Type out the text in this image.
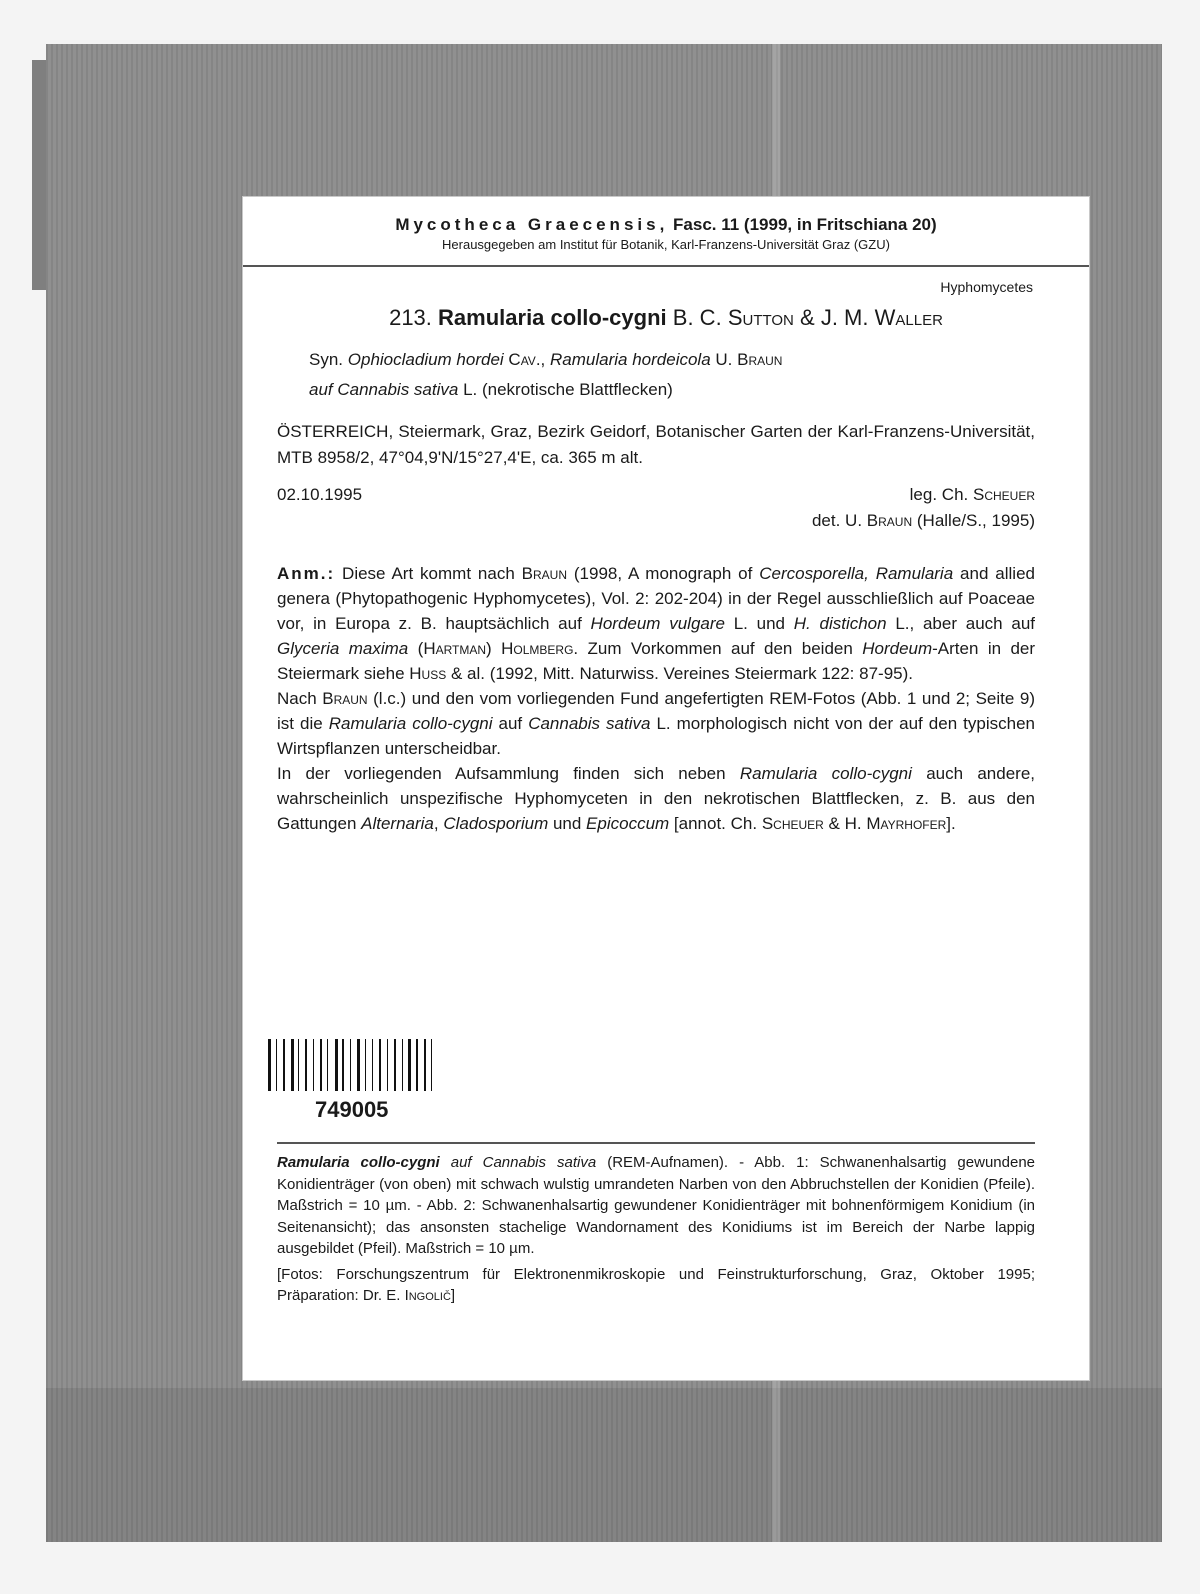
Mycotheca Graecensis, Fasc. 11 (1999, in Fritschiana 20)
Herausgegeben am Institut für Botanik, Karl-Franzens-Universität Graz (GZU)
Hyphomycetes
213. Ramularia collo-cygni B. C. Sutton & J. M. Waller
Syn. Ophiocladium hordei Cav., Ramularia hordeicola U. Braun
auf Cannabis sativa L. (nekrotische Blattflecken)
ÖSTERREICH, Steiermark, Graz, Bezirk Geidorf, Botanischer Garten der Karl-Franzens-Universität, MTB 8958/2, 47°04,9'N/15°27,4'E, ca. 365 m alt.
02.10.1995	leg. Ch. Scheuer
det. U. Braun (Halle/S., 1995)

Anm.: Diese Art kommt nach Braun (1998, A monograph of Cercosporella, Ramularia and allied genera (Phytopathogenic Hyphomycetes), Vol. 2: 202-204) in der Regel ausschließlich auf Poaceae vor, in Europa z. B. hauptsächlich auf Hordeum vulgare L. und H. distichon L., aber auch auf Glyceria maxima (Hartman) Holmberg. Zum Vorkommen auf den beiden Hordeum-Arten in der Steiermark siehe Huss & al. (1992, Mitt. Naturwiss. Vereines Steiermark 122: 87-95).

Nach Braun (l.c.) und den vom vorliegenden Fund angefertigten REM-Fotos (Abb. 1 und 2; Seite 9) ist die Ramularia collo-cygni auf Cannabis sativa L. morphologisch nicht von der auf den typischen Wirtspflanzen unterscheidbar.

In der vorliegenden Aufsammlung finden sich neben Ramularia collo-cygni auch andere, wahrscheinlich unspezifische Hyphomyceten in den nekrotischen Blattflecken, z. B. aus den Gattungen Alternaria, Cladosporium und Epicoccum [annot. Ch. Scheuer & H. Mayrhofer].

749005

Ramularia collo-cygni auf Cannabis sativa (REM-Aufnamen). - Abb. 1: Schwanenhalsartig gewundene Konidienträger (von oben) mit schwach wulstig umrandeten Narben von den Abbruchstellen der Konidien (Pfeile). Maßstrich = 10 µm. - Abb. 2: Schwanenhalsartig gewundener Konidienträger mit bohnenförmigem Konidium (in Seitenansicht); das ansonsten stachelige Wandornament des Konidiums ist im Bereich der Narbe lappig ausgebildet (Pfeil). Maßstrich = 10 µm.

[Fotos: Forschungszentrum für Elektronenmikroskopie und Feinstrukturforschung, Graz, Oktober 1995; Präparation: Dr. E. Ingolič]
